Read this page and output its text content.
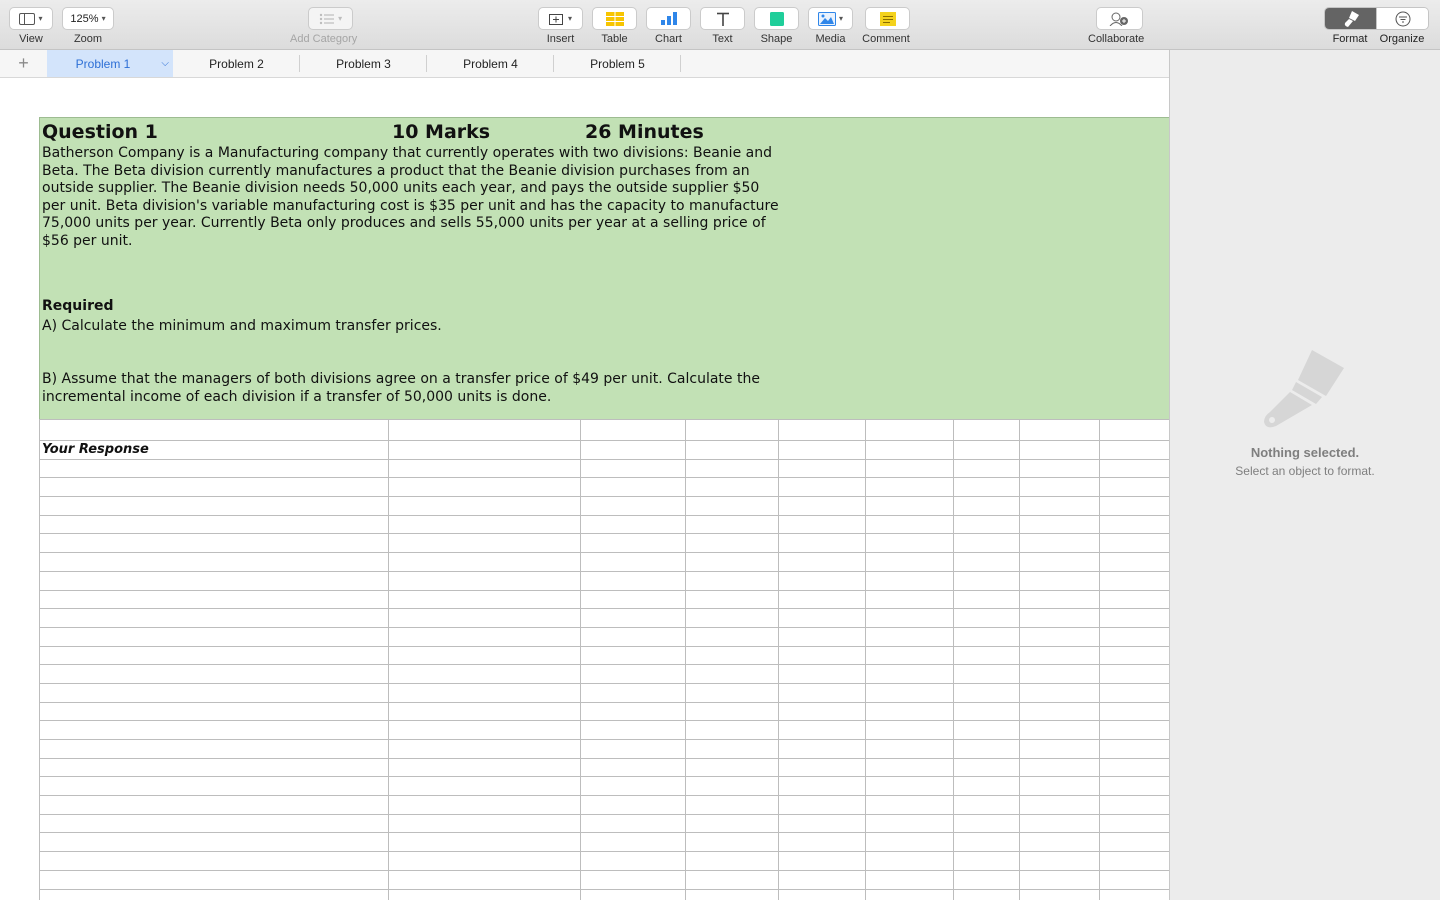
▾
View
125% ▾
Zoom
▾
Add Category
▾
Insert Table Chart	Text	Shape
▾
Media Comment	Collaborate	Format	Organize
+	Problem 1	⌵	Problem 2	Problem 3	Problem 4	Problem 5
Question 1	10 Marks	26 Minutes
Batherson Company is a Manufacturing company that currently operates with two divisions: Beanie and Beta. The Beta division currently manufactures a product that the Beanie division purchases from an outside supplier. The Beanie division needs 50,000 units each year, and pays the outside supplier $50 per unit. Beta division's variable manufacturing cost is $35 per unit and has the capacity to manufacture 75,000 units per year. Currently Beta only produces and sells 55,000 units per year at a selling price of $56 per unit.
Required
A) Calculate the minimum and maximum transfer prices.
B) Assume that the managers of both divisions agree on a transfer price of $49 per unit. Calculate the incremental income of each division if a transfer of 50,000 units is done.

Your Response								

									Nothing selected.
Select an object to format.
